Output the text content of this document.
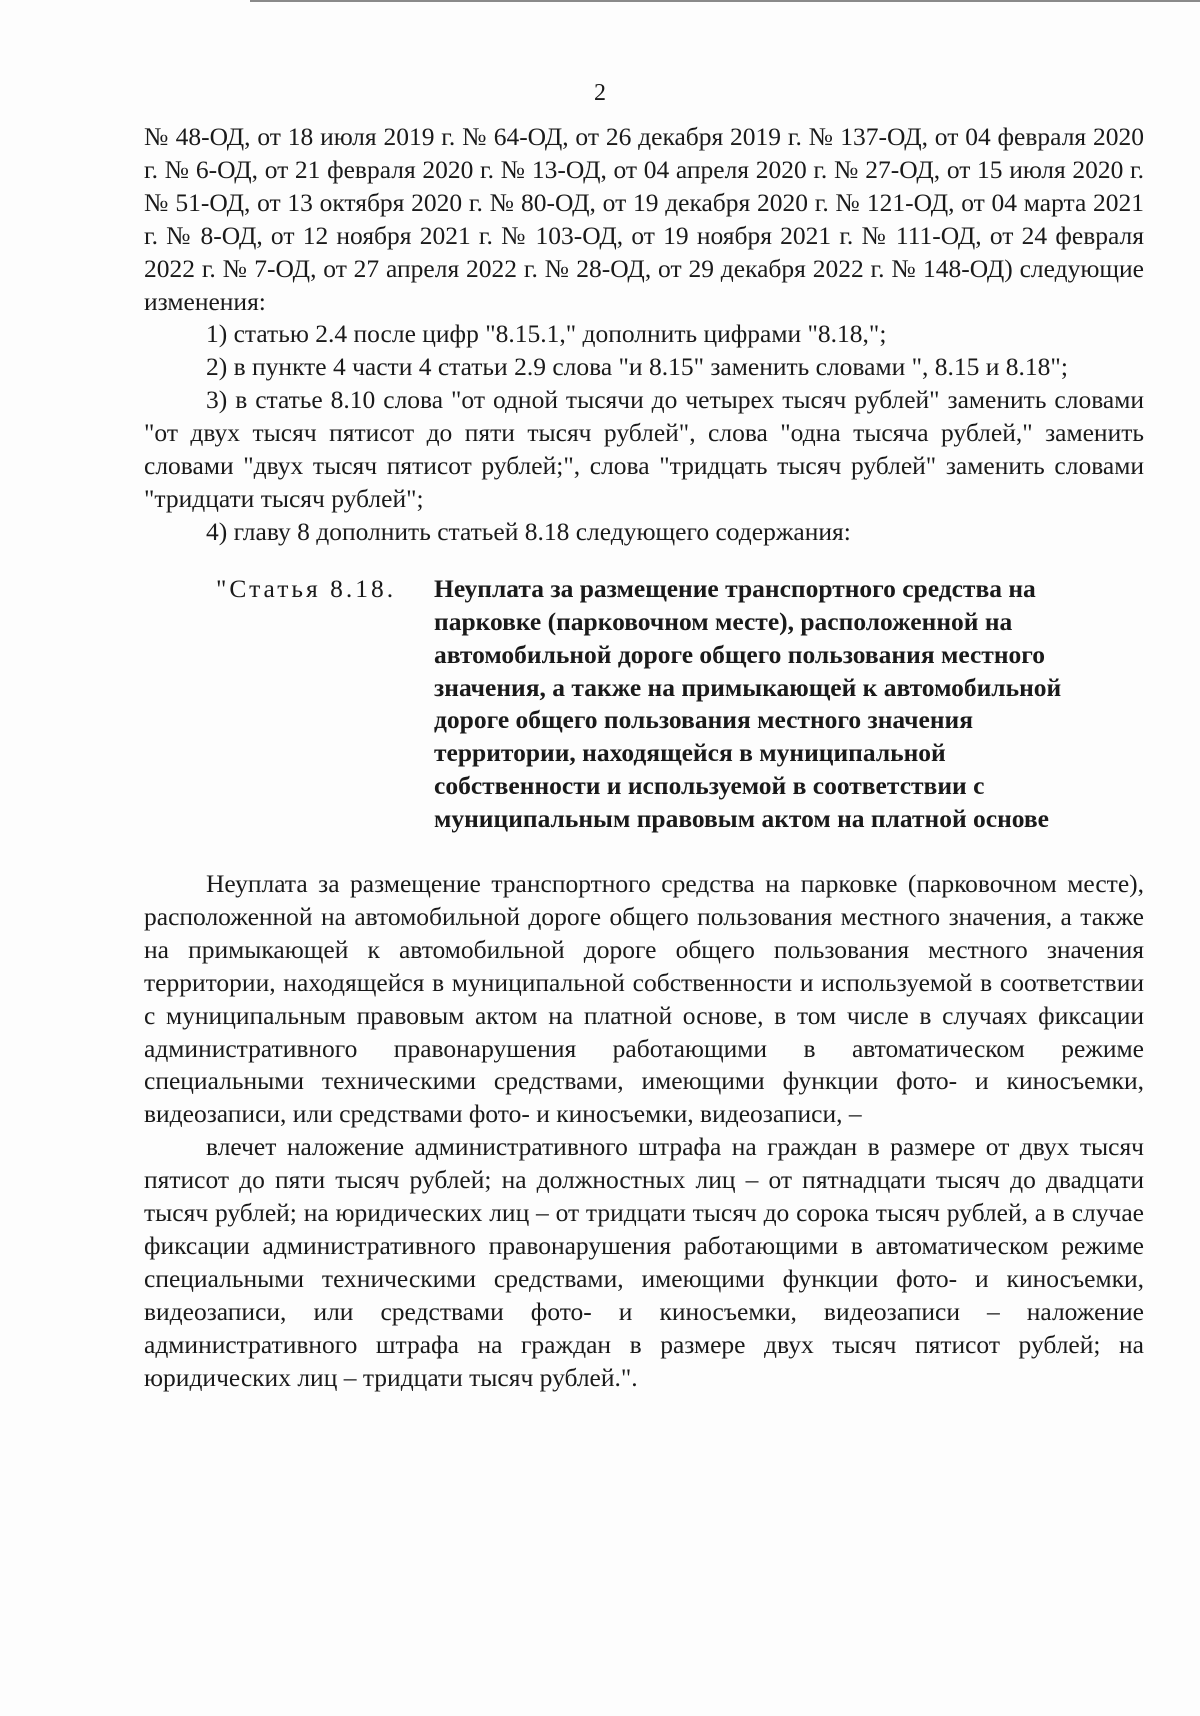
2

№ 48-ОД, от 18 июля 2019 г. № 64-ОД, от 26 декабря 2019 г. № 137-ОД, от 04 февраля 2020 г. № 6-ОД, от 21 февраля 2020 г. № 13-ОД, от 04 апреля 2020 г. № 27-ОД, от 15 июля 2020 г. № 51-ОД, от 13 октября 2020 г. № 80-ОД, от 19 декабря 2020 г. № 121-ОД, от 04 марта 2021 г. № 8-ОД, от 12 ноября 2021 г. № 103-ОД, от 19 ноября 2021 г. № 111-ОД, от 24 февраля 2022 г. № 7-ОД, от 27 апреля 2022 г. № 28-ОД, от 29 декабря 2022 г. № 148-ОД) следующие изменения:

1) статью 2.4 после цифр "8.15.1," дополнить цифрами "8.18,";

2) в пункте 4 части 4 статьи 2.9 слова "и 8.15" заменить словами ", 8.15 и 8.18";

3) в статье 8.10 слова "от одной тысячи до четырех тысяч рублей" заменить словами "от двух тысяч пятисот до пяти тысяч рублей", слова "одна тысяча рублей," заменить словами "двух тысяч пятисот рублей;", слова "тридцать тысяч рублей" заменить словами "тридцати тысяч рублей";

4) главу 8 дополнить статьей 8.18 следующего содержания:

"Статья 8.18. Неуплата за размещение транспортного средства на парковке (парковочном месте), расположенной на автомобильной дороге общего пользования местного значения, а также на примыкающей к автомобильной дороге общего пользования местного значения территории, находящейся в муниципальной собственности и используемой в соответствии с муниципальным правовым актом на платной основе

Неуплата за размещение транспортного средства на парковке (парковочном месте), расположенной на автомобильной дороге общего пользования местного значения, а также на примыкающей к автомобильной дороге общего пользования местного значения территории, находящейся в муниципальной собственности и используемой в соответствии с муниципальным правовым актом на платной основе, в том числе в случаях фиксации административного правонарушения работающими в автоматическом режиме специальными техническими средствами, имеющими функции фото- и киносъемки, видеозаписи, или средствами фото- и киносъемки, видеозаписи, –

влечет наложение административного штрафа на граждан в размере от двух тысяч пятисот до пяти тысяч рублей; на должностных лиц – от пятнадцати тысяч до двадцати тысяч рублей; на юридических лиц – от тридцати тысяч до сорока тысяч рублей, а в случае фиксации административного правонарушения работающими в автоматическом режиме специальными техническими средствами, имеющими функции фото- и киносъемки, видеозаписи, или средствами фото- и киносъемки, видеозаписи – наложение административного штрафа на граждан в размере двух тысяч пятисот рублей; на юридических лиц – тридцати тысяч рублей.".
